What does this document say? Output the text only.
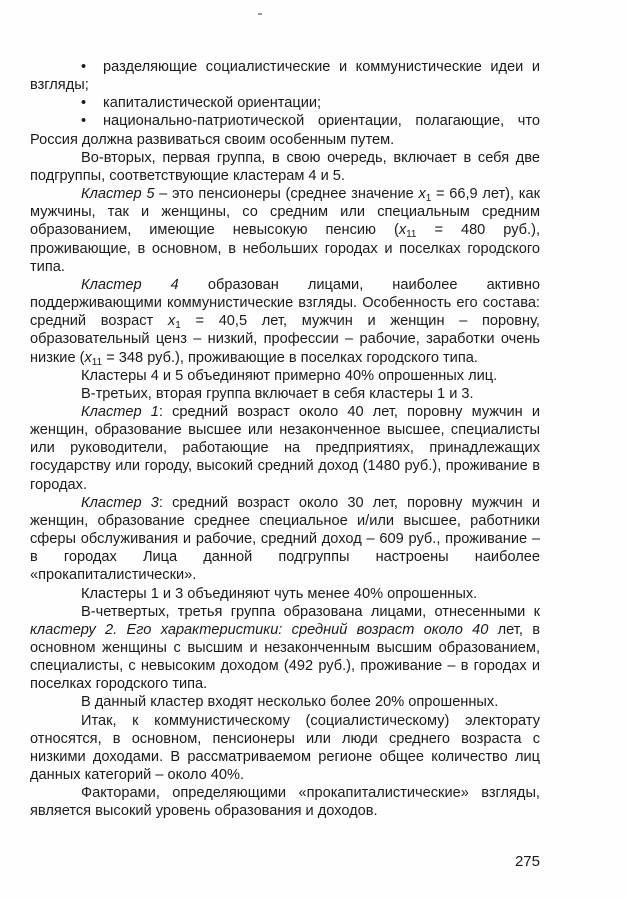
• разделяющие социалистические и коммунистические идеи и взгляды;

• капиталистической ориентации;

• национально-патриотической ориентации, полагающие, что Россия должна развиваться своим особенным путем.

Во-вторых, первая группа, в свою очередь, включает в себя две подгруппы, соответствующие кластерам 4 и 5.

Кластер 5 – это пенсионеры (среднее значение $x_1 = 66,9$ лет), как мужчины, так и женщины, со средним или специальным средним образованием, имеющие невысокую пенсию ($x_{11} = 480$ руб.), проживающие, в основном, в небольших городах и поселках городского типа.

Кластер 4 образован лицами, наиболее активно поддерживающими коммунистические взгляды. Особенность его состава: средний возраст $x_1 = 40,5$ лет, мужчин и женщин – поровну, образовательный ценз – низкий, профессии – рабочие, заработки очень низкие ($x_{11} = 348$ руб.), проживающие в поселках городского типа.

Кластеры 4 и 5 объединяют примерно 40% опрошенных лиц.

В-третьих, вторая группа включает в себя кластеры 1 и 3.

Кластер 1: средний возраст около 40 лет, поровну мужчин и женщин, образование высшее или незаконченное высшее, специалисты или руководители, работающие на предприятиях, принадлежащих государству или городу, высокий средний доход (1480 руб.), проживание в городах.

Кластер 3: средний возраст около 30 лет, поровну мужчин и женщин, образование среднее специальное и/или высшее, работники сферы обслуживания и рабочие, средний доход – 609 руб., проживание – в городах Лица данной подгруппы настроены наиболее «прокапиталистически».

Кластеры 1 и 3 объединяют чуть менее 40% опрошенных.

В-четвертых, третья группа образована лицами, отнесенными к кластеру 2. Его характеристики: средний возраст около 40 лет, в основном женщины с высшим и незаконченным высшим образованием, специалисты, с невысоким доходом (492 руб.), проживание – в городах и поселках городского типа.

В данный кластер входят несколько более 20% опрошенных.

Итак, к коммунистическому (социалистическому) электорату относятся, в основном, пенсионеры или люди среднего возраста с низкими доходами. В рассматриваемом регионе общее количество лиц данных категорий – около 40%.

Факторами, определяющими «прокапиталистические» взгляды, является высокий уровень образования и доходов.

275
